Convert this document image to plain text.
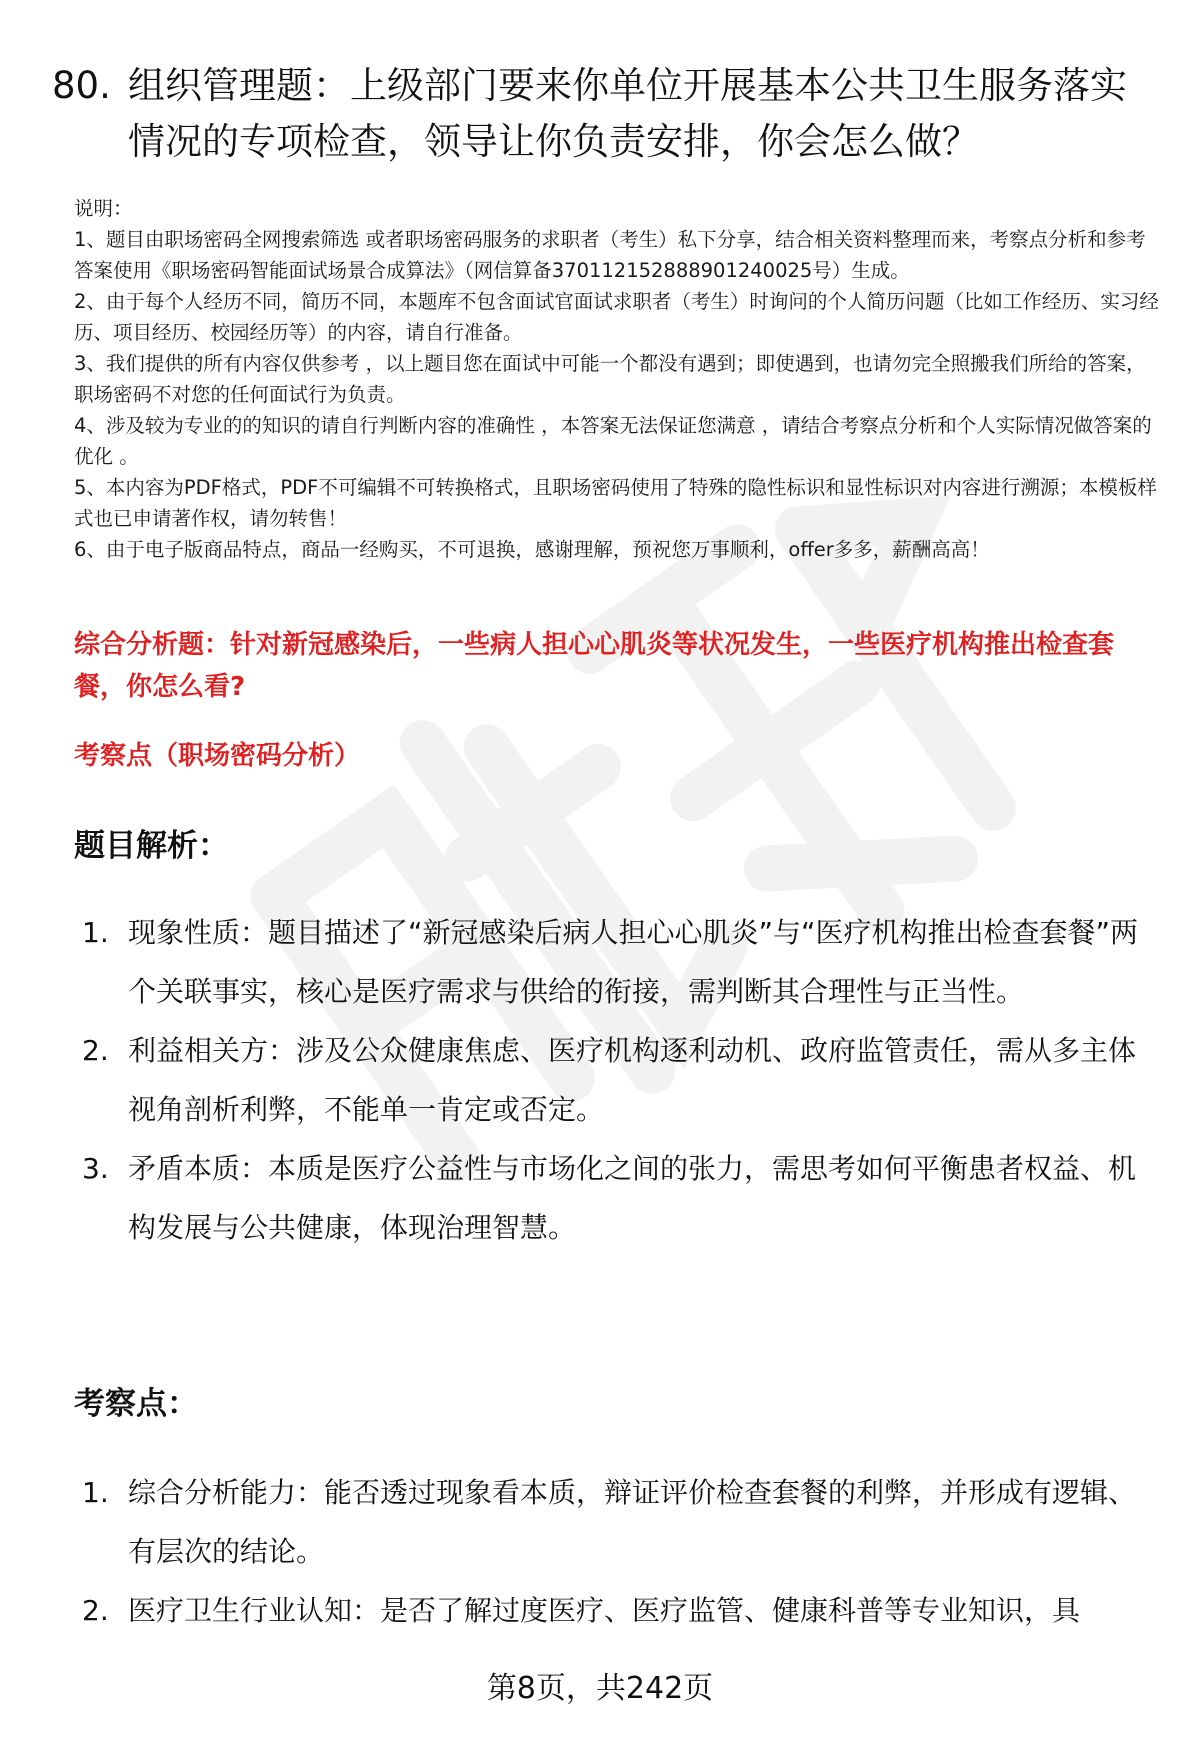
80. 组织管理题：上级部门要来你单位开展基本公共卫生服务落实情况的专项检查，领导让你负责安排，你会怎么做？

说明：

1、题目由职场密码全网搜索筛选 或者职场密码服务的求职者（考生）私下分享，结合相关资料整理而来，考察点分析和参考答案使用《职场密码智能面试场景合成算法》（网信算备370112152888901240025号）生成。

2、由于每个人经历不同，简历不同，本题库不包含面试官面试求职者（考生）时询问的个人简历问题（比如工作经历、实习经历、项目经历、校园经历等）的内容，请自行准备。

3、我们提供的所有内容仅供参考 ，以上题目您在面试中可能一个都没有遇到；即使遇到，也请勿完全照搬我们所给的答案，职场密码不对您的任何面试行为负责。

4、涉及较为专业的的知识的请自行判断内容的准确性 ，本答案无法保证您满意 ，请结合考察点分析和个人实际情况做答案的优化 。

5、本内容为PDF格式，PDF不可编辑不可转换格式，且职场密码使用了特殊的隐性标识和显性标识对内容进行溯源；本模板样式也已申请著作权，请勿转售！

6、由于电子版商品特点，商品一经购买，不可退换，感谢理解，预祝您万事顺利，offer多多，薪酬高高！

综合分析题：针对新冠感染后，一些病人担心心肌炎等状况发生，一些医疗机构推出检查套餐，你怎么看?
考察点（职场密码分析）
题目解析：
1. 现象性质：题目描述了“新冠感染后病人担心心肌炎”与“医疗机构推出检查套餐”两个关联事实，核心是医疗需求与供给的衔接，需判断其合理性与正当性。
2. 利益相关方：涉及公众健康焦虑、医疗机构逐利动机、政府监管责任，需从多主体视角剖析利弊，不能单一肯定或否定。
3. 矛盾本质：本质是医疗公益性与市场化之间的张力，需思考如何平衡患者权益、机构发展与公共健康，体现治理智慧。
考察点：
1. 综合分析能力：能否透过现象看本质，辩证评价检查套餐的利弊，并形成有逻辑、有层次的结论。
2. 医疗卫生行业认知：是否了解过度医疗、医疗监管、健康科普等专业知识，具
第8页，共242页
